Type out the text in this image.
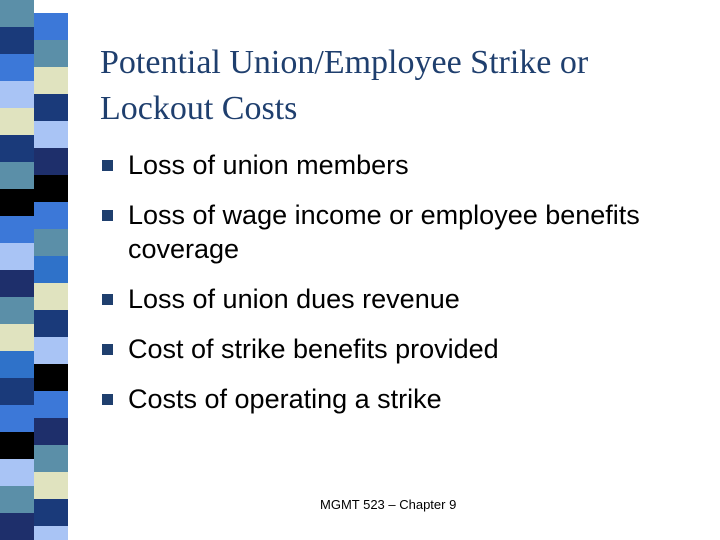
Potential Union/Employee Strike or
Lockout Costs
Loss of union members
Loss of wage income or employee benefits coverage
Loss of union dues revenue
Cost of strike benefits provided
Costs of operating a strike
MGMT 523 – Chapter 9
